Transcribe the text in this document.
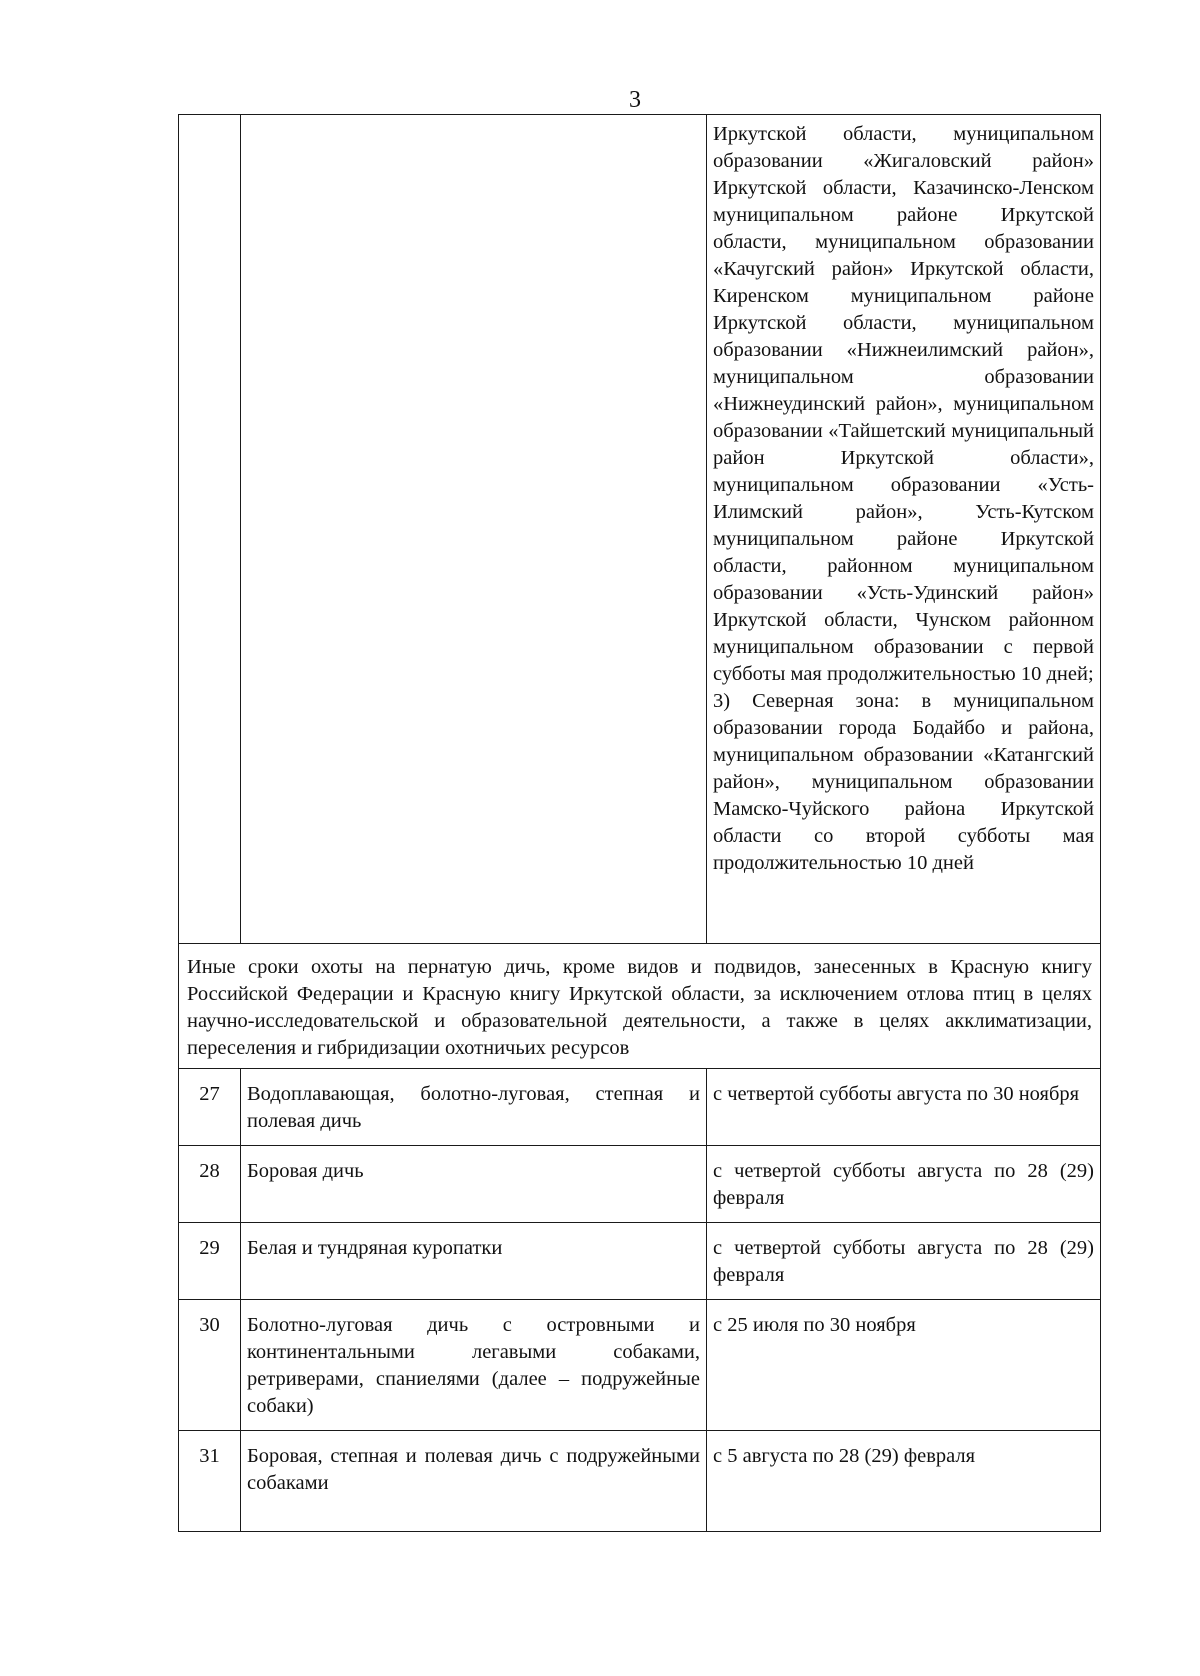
3

		Иркутской области, муниципальном образовании «Жигаловский район» Иркутской области, Казачинско-Ленском муниципальном районе Иркутской области, муниципальном образовании «Качугский район» Иркутской области, Киренском муниципальном районе Иркутской области, муниципальном образовании «Нижнеилимский район», муниципальном образовании «Нижнеудинский район», муниципальном образовании «Тайшетский муниципальный район Иркутской области», муниципальном образовании «Усть-Илимский район», Усть-Кутском муниципальном районе Иркутской области, районном муниципальном образовании «Усть-Удинский район» Иркутской области, Чунском районном муниципальном образовании с первой субботы мая продолжительностью 10 дней;
3) Северная зона: в муниципальном образовании города Бодайбо и района, муниципальном образовании «Катангский район», муниципальном образовании Мамско-Чуйского района Иркутской области со второй субботы мая продолжительностью 10 дней

Иные сроки охоты на пернатую дичь, кроме видов и подвидов, занесенных в Красную книгу Российской Федерации и Красную книгу Иркутской области, за исключением отлова птиц в целях научно-исследовательской и образовательной деятельности, а также в целях акклиматизации, переселения и гибридизации охотничьих ресурсов		
27	Водоплавающая, болотно-луговая, степная и полевая дичь	с четвертой субботы августа по 30 ноября
28	Боровая дичь	с четвертой субботы августа по 28 (29) февраля
29	Белая и тундряная куропатки	с четвертой субботы августа по 28 (29) февраля
30	Болотно-луговая дичь с островными и континентальными легавыми собаками, ретриверами, спаниелями (далее – подружейные собаки)	с 25 июля по 30 ноября
31	Боровая, степная и полевая дичь с подружейными собаками	с 5 августа по 28 (29) февраля
